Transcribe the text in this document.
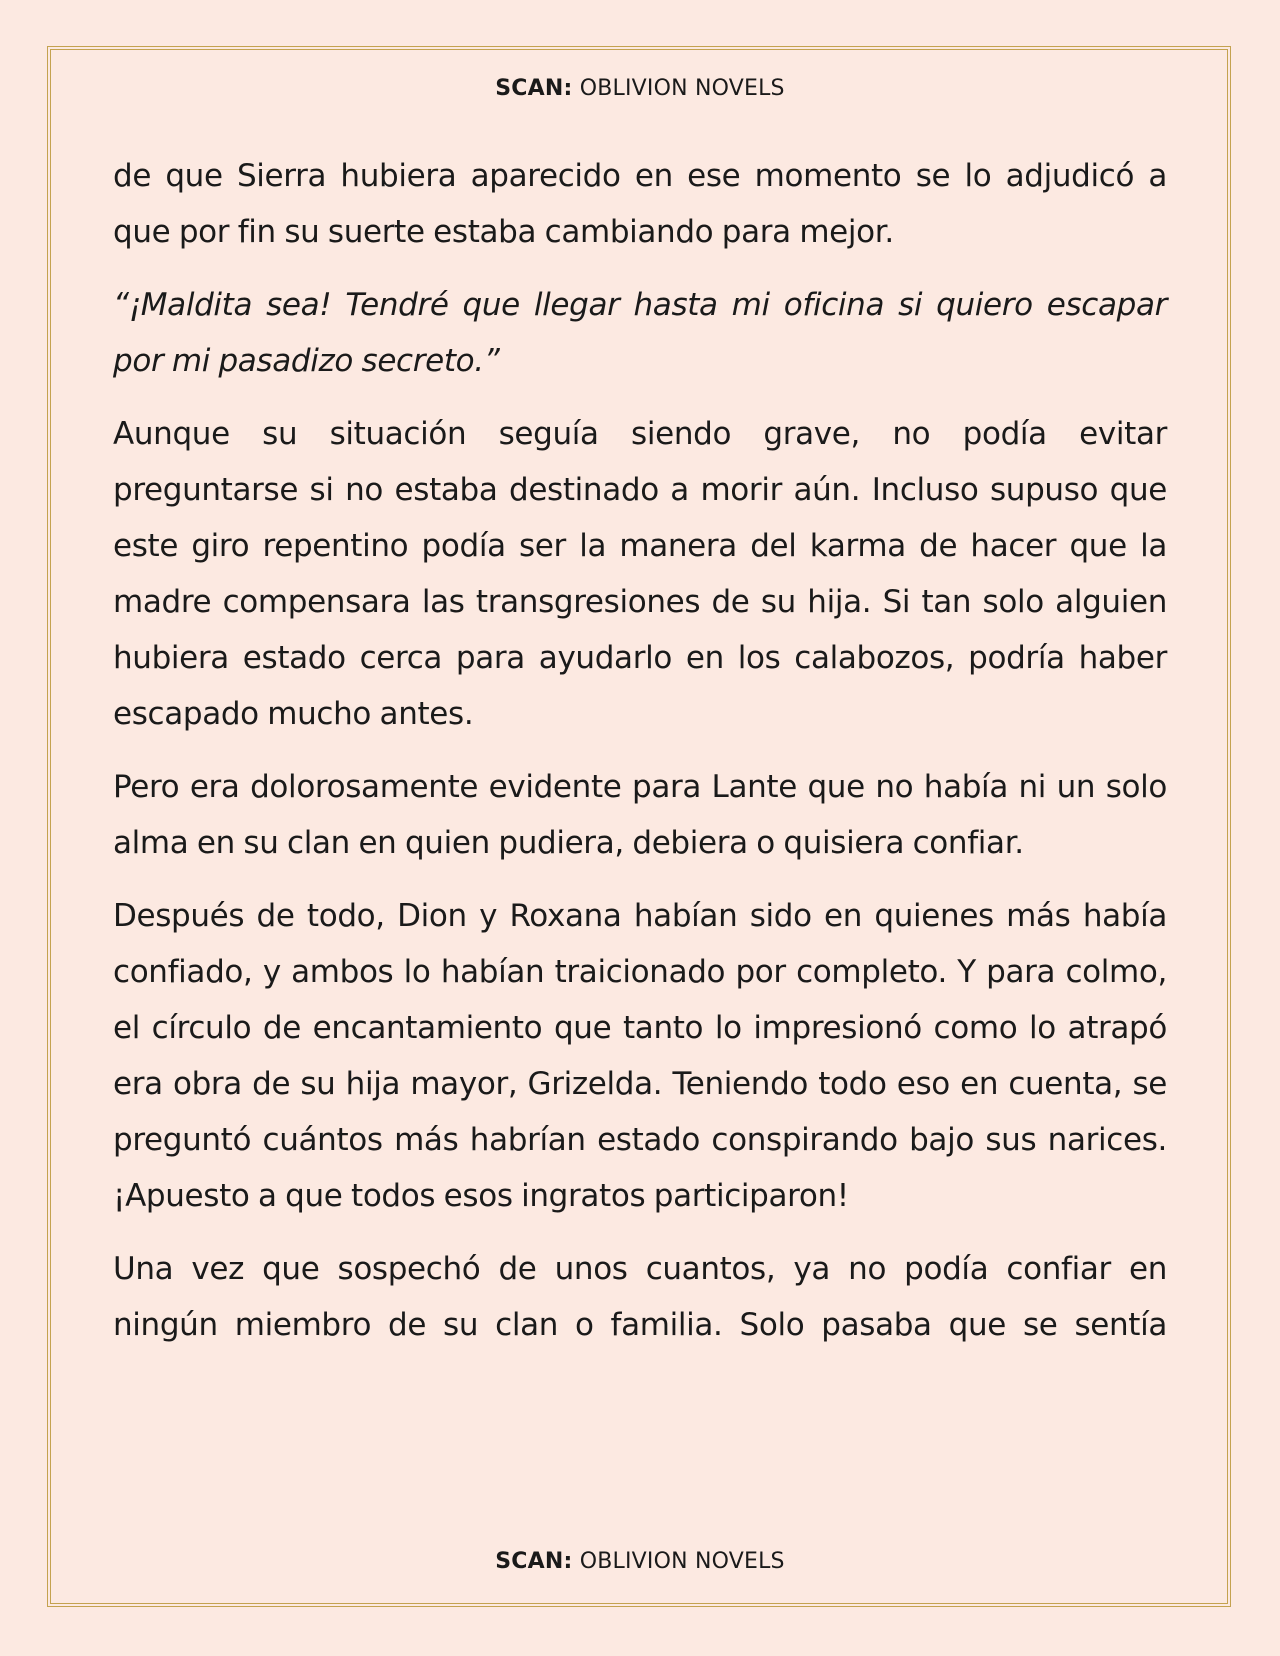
SCAN: OBLIVION NOVELS

de que Sierra hubiera aparecido en ese momento se lo adjudicó a que por fin su suerte estaba cambiando para mejor.

“¡Maldita sea! Tendré que llegar hasta mi oficina si quiero escapar por mi pasadizo secreto.”

Aunque su situación seguía siendo grave, no podía evitar preguntarse si no estaba destinado a morir aún. Incluso supuso que este giro repentino podía ser la manera del karma de hacer que la madre compensara las transgresiones de su hija. Si tan solo alguien hubiera estado cerca para ayudarlo en los calabozos, podría haber escapado mucho antes.

Pero era dolorosamente evidente para Lante que no había ni un solo alma en su clan en quien pudiera, debiera o quisiera confiar.

Después de todo, Dion y Roxana habían sido en quienes más había confiado, y ambos lo habían traicionado por completo. Y para colmo, el círculo de encantamiento que tanto lo impresionó como lo atrapó era obra de su hija mayor, Grizelda. Teniendo todo eso en cuenta, se preguntó cuántos más habrían estado conspirando bajo sus narices. ¡Apuesto a que todos esos ingratos participaron!

Una vez que sospechó de unos cuantos, ya no podía confiar en ningún miembro de su clan o familia. Solo pasaba que se sentía

SCAN: OBLIVION NOVELS
